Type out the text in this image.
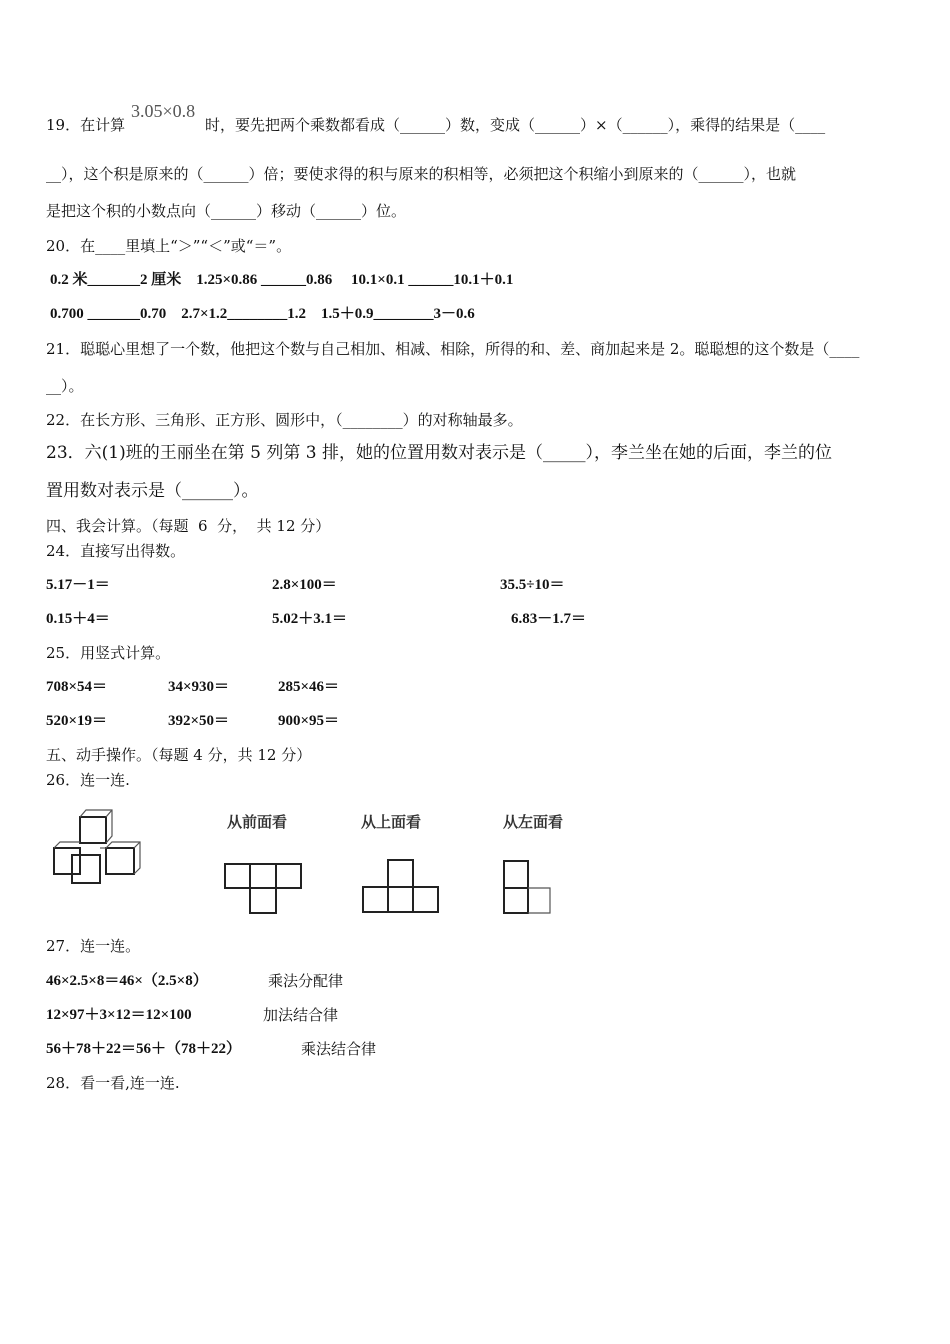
19．在计算
3.05×0.8
时，要先把两个乘数都看成（______）数，变成（______）×（______），乘得的结果是（____
__），这个积是原来的（______）倍；要使求得的积与原来的积相等，必须把这个积缩小到原来的（______），也就
是把这个积的小数点向（______）移动（______）位。
20．在____里填上“＞”“＜”或“＝”。
0.2 米_______2 厘米    1.25×0.86 ______0.86     10.1×0.1 ______10.1＋0.1
0.700 _______0.70    2.7×1.2________1.2    1.5＋0.9________3－0.6
21．聪聪心里想了一个数，他把这个数与自己相加、相减、相除，所得的和、差、商加起来是 2。聪聪想的这个数是（____
__）。
22．在长方形、三角形、正方形、圆形中，（________）的对称轴最多。
23．六(1)班的王丽坐在第 5 列第 3 排，她的位置用数对表示是（_____），李兰坐在她的后面，李兰的位
置用数对表示是（______）。
四、我会计算。（每题  6  分，  共 12 分）
24．直接写出得数。
5.17－1＝	2.8×100＝	35.5÷10＝
0.15＋4＝	5.02＋3.1＝	6.83－1.7＝
25．用竖式计算。
708×54＝	34×930＝	285×46＝
520×19＝	392×50＝	900×95＝
五、动手操作。（每题 4 分，共 12 分）
26．连一连.
从前面看	从上面看	从左面看
27．连一连。
46×2.5×8＝46×（2.5×8）	乘法分配律
12×97＋3×12＝12×100	加法结合律
56＋78＋22＝56＋（78＋22）	乘法结合律
28．看一看,连一连.
